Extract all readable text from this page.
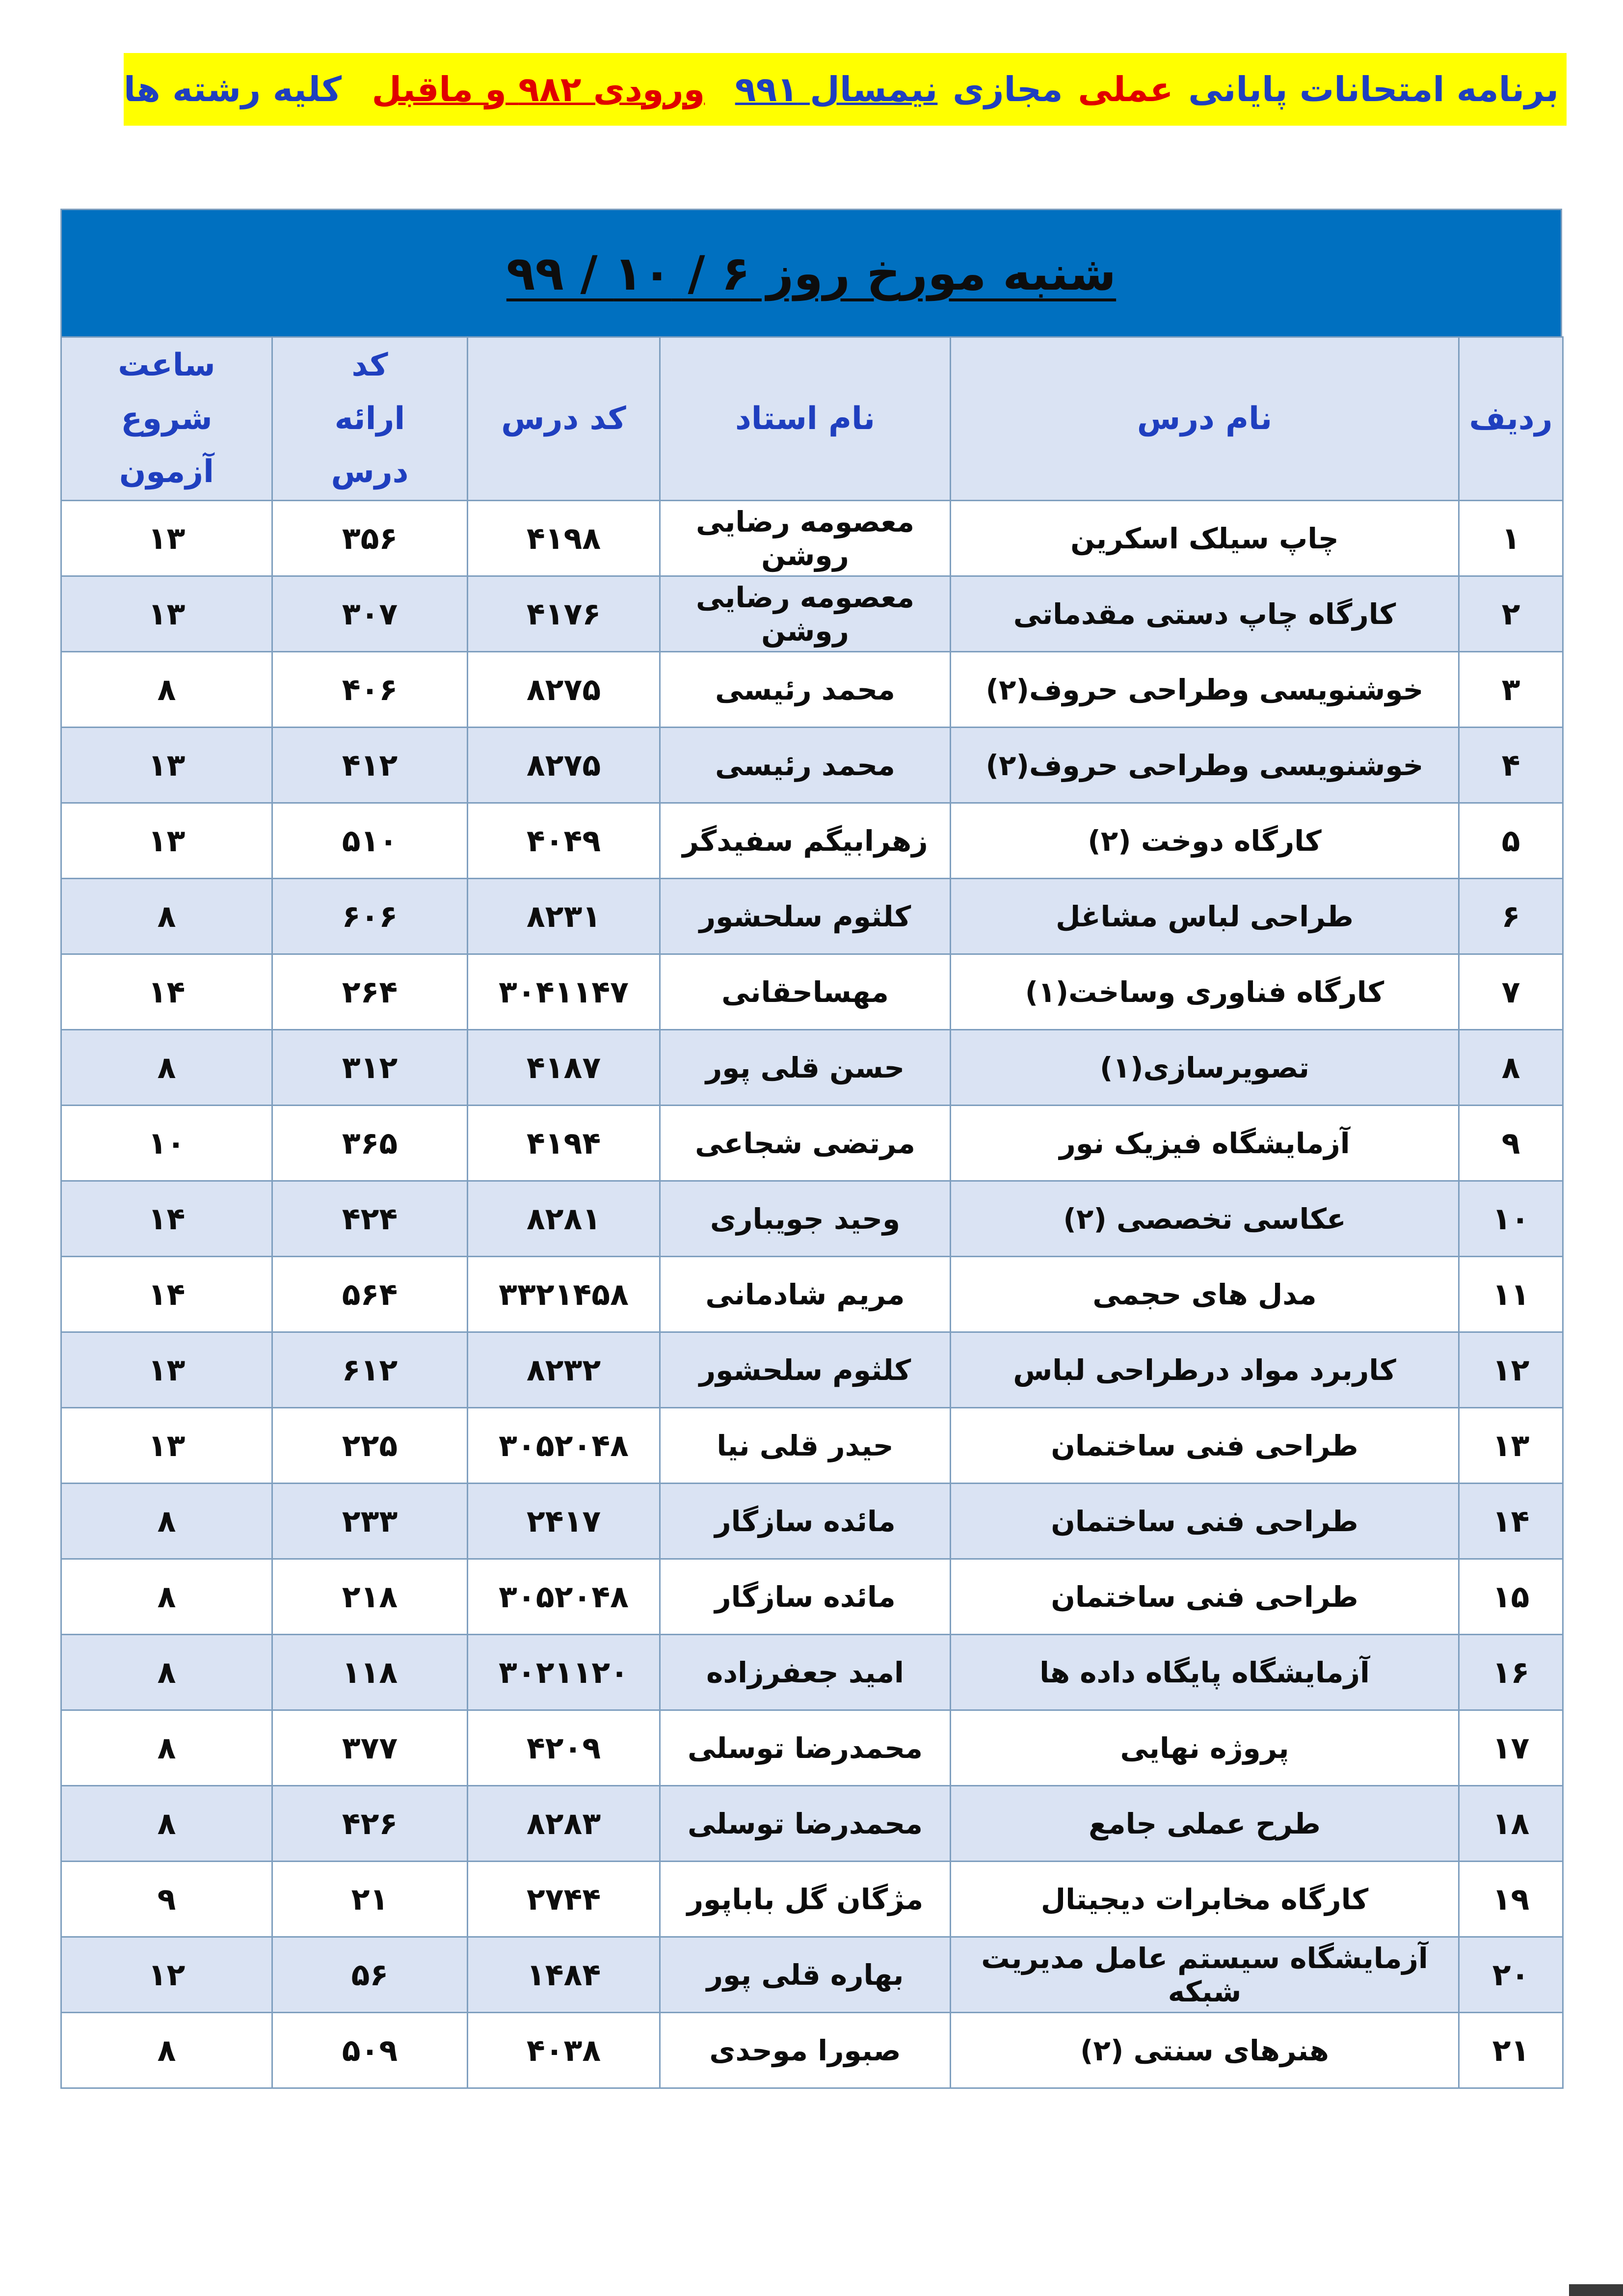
برنامه امتحانات پایانی
عملی
مجازی
نیمسال ۹۹۱
ورودی ۹۸۲ و ماقبل
کلیه رشته ها
شنبه مورخ روز ۶ / ۱۰ / ۹۹
ردیف	نام درس	نام استاد	کد درس	کد ارائه درس	ساعت شروع آزمون
۱	چاپ سیلک اسکرین	معصومه رضایی روشن	۴۱۹۸	۳۵۶	۱۳
۲	کارگاه چاپ دستی مقدماتی	معصومه رضایی روشن	۴۱۷۶	۳۰۷	۱۳
۳	خوشنویسی وطراحی حروف(۲)	محمد رئیسی	۸۲۷۵	۴۰۶	۸
۴	خوشنویسی وطراحی حروف(۲)	محمد رئیسی	۸۲۷۵	۴۱۲	۱۳
۵	کارگاه دوخت (۲)	زهرابیگم سفیدگر	۴۰۴۹	۵۱۰	۱۳
۶	طراحی لباس مشاغل	کلثوم سلحشور	۸۲۳۱	۶۰۶	۸
۷	کارگاه فناوری وساخت(۱)	مهساحقانی	۳۰۴۱۱۴۷	۲۶۴	۱۴
۸	تصویرسازی(۱)	حسن قلی پور	۴۱۸۷	۳۱۲	۸
۹	آزمایشگاه فیزیک نور	مرتضی شجاعی	۴۱۹۴	۳۶۵	۱۰
۱۰	عکاسی تخصصی (۲)	وحید جویباری	۸۲۸۱	۴۲۴	۱۴
۱۱	مدل های حجمی	مریم شادمانی	۳۳۲۱۴۵۸	۵۶۴	۱۴
۱۲	کاربرد مواد درطراحی لباس	کلثوم سلحشور	۸۲۳۲	۶۱۲	۱۳
۱۳	طراحی فنی ساختمان	حیدر قلی نیا	۳۰۵۲۰۴۸	۲۲۵	۱۳
۱۴	طراحی فنی ساختمان	مائده سازگار	۲۴۱۷	۲۳۳	۸
۱۵	طراحی فنی ساختمان	مائده سازگار	۳۰۵۲۰۴۸	۲۱۸	۸
۱۶	آزمایشگاه پایگاه داده ها	امید جعفرزاده	۳۰۲۱۱۲۰	۱۱۸	۸
۱۷	پروژه نهایی	محمدرضا توسلی	۴۲۰۹	۳۷۷	۸
۱۸	طرح عملی جامع	محمدرضا توسلی	۸۲۸۳	۴۲۶	۸
۱۹	کارگاه مخابرات دیجیتال	مژگان گل باباپور	۲۷۴۴	۲۱	۹
۲۰	آزمایشگاه سیستم عامل مدیریت شبکه	بهاره قلی پور	۱۴۸۴	۵۶	۱۲
۲۱	هنرهای سنتی (۲)	صبورا موحدی	۴۰۳۸	۵۰۹	۸
